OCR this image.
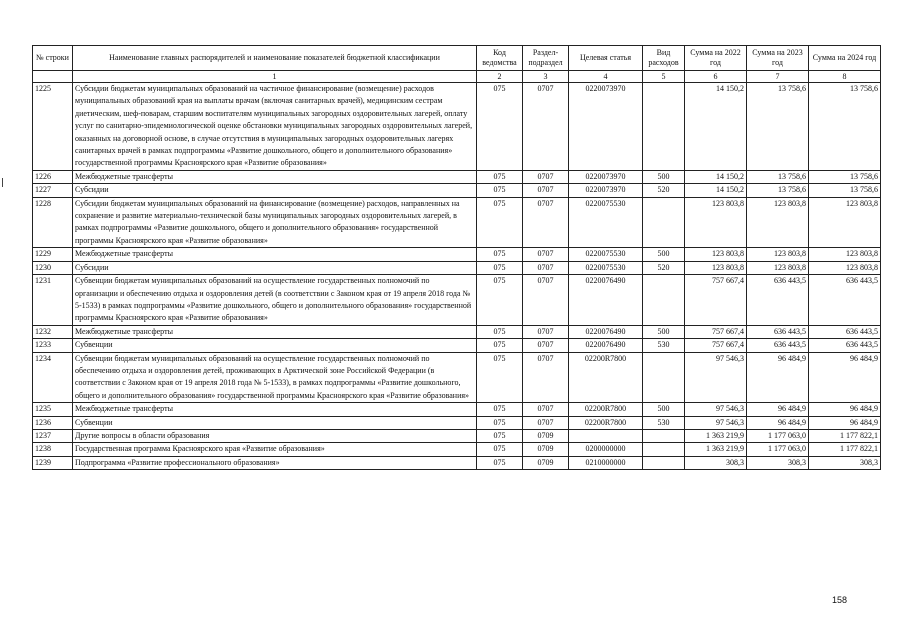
№ строки	Наименование главных распорядителей и наименование показателей бюджетной классификации	Код ведомства	Раздел-подраздел	Целевая статья	Вид расходов	Сумма на 2022 год	Сумма на 2023 год	Сумма на 2024 год
	1	2	3	4	5	6	7	8
1225	Субсидии бюджетам муниципальных образований на частичное финансирование (возмещение) расходов муниципальных образований края на выплаты врачам (включая санитарных врачей), медицинским сестрам диетическим, шеф-поварам, старшим воспитателям муниципальных загородных оздоровительных лагерей, оплату услуг по санитарно-эпидемиологической оценке обстановки муниципальных загородных оздоровительных лагерей, оказанных на договорной основе, в случае отсутствия в муниципальных загородных оздоровительных лагерях санитарных врачей в рамках подпрограммы «Развитие дошкольного, общего и дополнительного образования» государственной программы Красноярского края «Развитие образования»	075	0707	0220073970		14 150,2	13 758,6	13 758,6
1226	Межбюджетные трансферты	075	0707	0220073970	500	14 150,2	13 758,6	13 758,6
1227	Субсидии	075	0707	0220073970	520	14 150,2	13 758,6	13 758,6
1228	Субсидии бюджетам муниципальных образований на финансирование (возмещение) расходов, направленных на сохранение и развитие материально-технической базы муниципальных загородных оздоровительных лагерей, в рамках подпрограммы «Развитие дошкольного, общего и дополнительного образования» государственной программы Красноярского края «Развитие образования»	075	0707	0220075530		123 803,8	123 803,8	123 803,8
1229	Межбюджетные трансферты	075	0707	0220075530	500	123 803,8	123 803,8	123 803,8
1230	Субсидии	075	0707	0220075530	520	123 803,8	123 803,8	123 803,8
1231	Субвенции бюджетам муниципальных образований на осуществление государственных полномочий по организации и обеспечению отдыха и оздоровления детей (в соответствии с Законом края от 19 апреля 2018 года № 5-1533) в рамках подпрограммы «Развитие дошкольного, общего и дополнительного образования» государственной программы Красноярского края «Развитие образования»	075	0707	0220076490		757 667,4	636 443,5	636 443,5
1232	Межбюджетные трансферты	075	0707	0220076490	500	757 667,4	636 443,5	636 443,5
1233	Субвенции	075	0707	0220076490	530	757 667,4	636 443,5	636 443,5
1234	Субвенции бюджетам муниципальных образований на осуществление государственных полномочий по обеспечению отдыха и оздоровления детей, проживающих в Арктической зоне Российской Федерации (в соответствии с Законом края от 19 апреля 2018 года № 5-1533), в рамках подпрограммы «Развитие дошкольного, общего и дополнительного образования» государственной программы Красноярского края «Развитие образования»	075	0707	02200R7800		97 546,3	96 484,9	96 484,9
1235	Межбюджетные трансферты	075	0707	02200R7800	500	97 546,3	96 484,9	96 484,9
1236	Субвенции	075	0707	02200R7800	530	97 546,3	96 484,9	96 484,9
1237	Другие вопросы в области образования	075	0709			1 363 219,9	1 177 063,0	1 177 822,1
1238	Государственная программа Красноярского края «Развитие образования»	075	0709	0200000000		1 363 219,9	1 177 063,0	1 177 822,1
1239	Подпрограмма «Развитие профессионального образования»	075	0709	0210000000		308,3	308,3	308,3
158
